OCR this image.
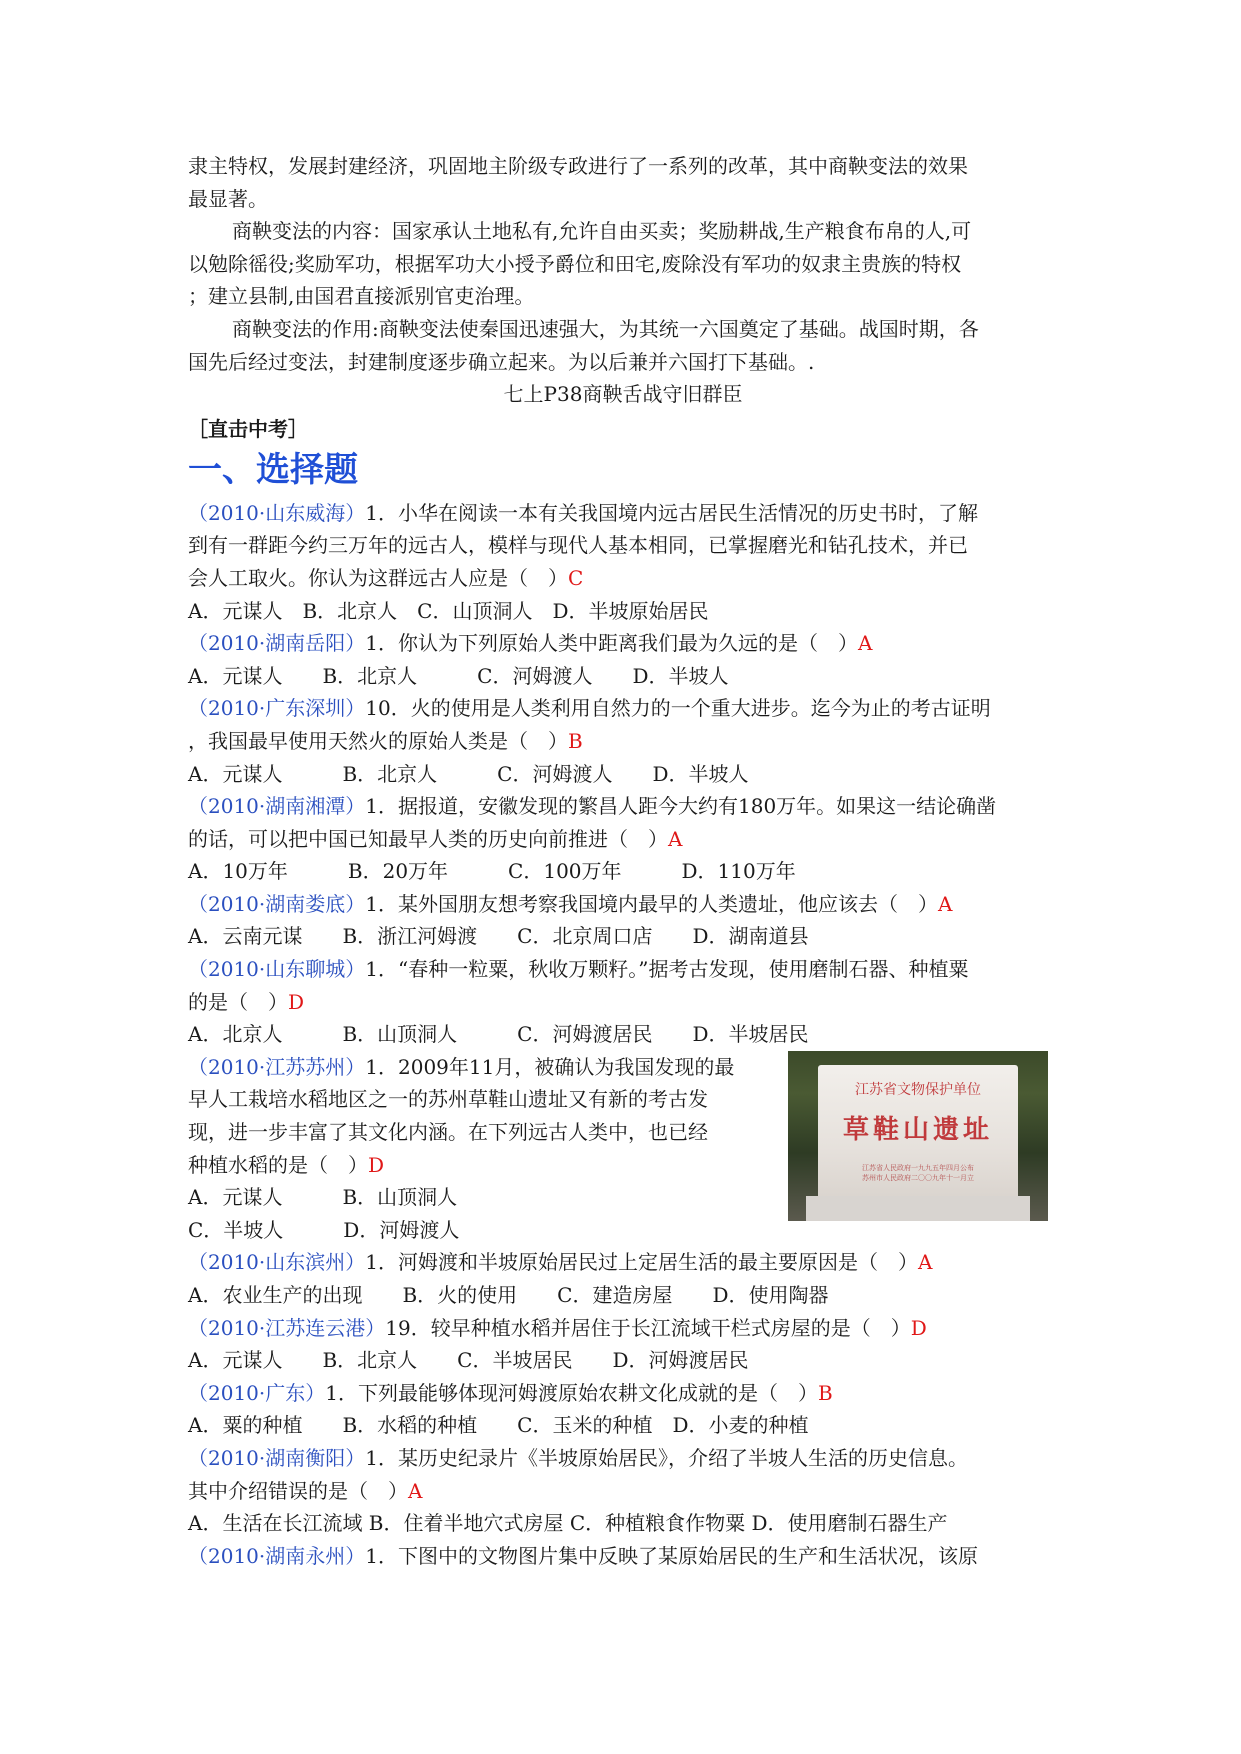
隶主特权，发展封建经济，巩固地主阶级专政进行了一系列的改革，其中商鞅变法的效果
最显著。
商鞅变法的内容：国家承认土地私有,允许自由买卖；奖励耕战,生产粮食布帛的人,可
以勉除徭役;奖励军功，根据军功大小授予爵位和田宅,废除没有军功的奴隶主贵族的特权
；建立县制,由国君直接派别官吏治理。
商鞅变法的作用:商鞅变法使秦国迅速强大，为其统一六国奠定了基础。战国时期，各
国先后经过变法，封建制度逐步确立起来。为以后兼并六国打下基础。.
七上P38商鞅舌战守旧群臣
［直击中考］
一、选择题
（2010·山东威海）1．小华在阅读一本有关我国境内远古居民生活情况的历史书时，了解
到有一群距今约三万年的远古人，模样与现代人基本相同，已掌握磨光和钻孔技术，并已
会人工取火。你认为这群远古人应是（　）C
A．元谋人　B．北京人　C．山顶洞人　D．半坡原始居民
（2010·湖南岳阳）1．你认为下列原始人类中距离我们最为久远的是（　）A
A．元谋人　　B．北京人　　　C．河姆渡人　　D．半坡人
（2010·广东深圳）10．火的使用是人类利用自然力的一个重大进步。迄今为止的考古证明
，我国最早使用天然火的原始人类是（　）B
A．元谋人　　　B．北京人　　　C．河姆渡人　　D．半坡人
（2010·湖南湘潭）1．据报道，安徽发现的繁昌人距今大约有180万年。如果这一结论确凿
的话，可以把中国已知最早人类的历史向前推进（　）A
A．10万年　　　B．20万年　　　C．100万年　　　D．110万年
（2010·湖南娄底）1．某外国朋友想考察我国境内最早的人类遗址，他应该去（　）A
A．云南元谋　　B．浙江河姆渡　　C．北京周口店　　D．湖南道县
（2010·山东聊城）1．“春种一粒粟，秋收万颗籽。”据考古发现，使用磨制石器、种植粟
的是（　）D
A．北京人　　　B．山顶洞人　　　C．河姆渡居民　　D．半坡居民
（2010·江苏苏州）1．2009年11月，被确认为我国发现的最
早人工栽培水稻地区之一的苏州草鞋山遗址又有新的考古发
现，进一步丰富了其文化内涵。在下列远古人类中，也已经
种植水稻的是（　）D
A．元谋人　　　B．山顶洞人
C．半坡人　　　D．河姆渡人
江苏省文物保护单位
草鞋山遗址
江苏省人民政府一九九五年四月公布
苏州市人民政府二〇〇九年十一月立
（2010·山东滨州）1．河姆渡和半坡原始居民过上定居生活的最主要原因是（　）A
A．农业生产的出现　　B．火的使用　　C．建造房屋　　D．使用陶器
（2010·江苏连云港）19．较早种植水稻并居住于长江流域干栏式房屋的是（　）D
A．元谋人　　B．北京人　　C．半坡居民　　D．河姆渡居民
（2010·广东）1．下列最能够体现河姆渡原始农耕文化成就的是（　）B
A．粟的种植　　B．水稻的种植　　C．玉米的种植　D．小麦的种植
（2010·湖南衡阳）1．某历史纪录片《半坡原始居民》，介绍了半坡人生活的历史信息。
其中介绍错误的是（　）A
A．生活在长江流域 B．住着半地穴式房屋 C．种植粮食作物粟 D．使用磨制石器生产
（2010·湖南永州）1．下图中的文物图片集中反映了某原始居民的生产和生活状况，该原
